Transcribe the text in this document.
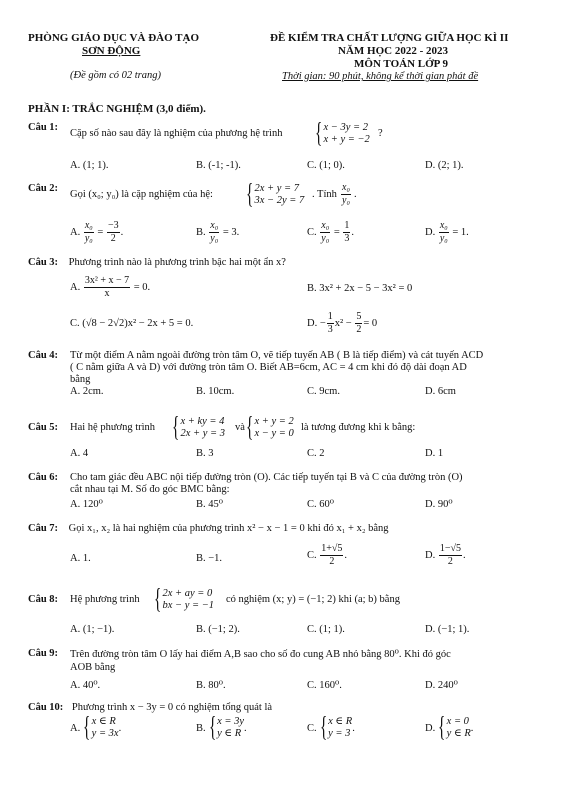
PHÒNG GIÁO DỤC VÀ ĐÀO TẠO
SƠN ĐỘNG
(Đề gồm có 02 trang)
ĐỀ KIỂM TRA CHẤT LƯỢNG GIỮA HỌC KÌ II
NĂM HỌC 2022 - 2023
MÔN TOÁN LỚP 9
Thời gian: 90 phút, không kể thời gian phát đề
PHẦN I: TRẮC NGHIỆM (3,0 điểm).
Câu 1:
Cặp số nào sau đây là nghiệm của phương hệ trình { x − 3y = 2
x + y = −2
?
A. (1; 1).	B. (-1; -1).	C. (1; 0).	D. (2; 1).
Câu 2:
Gọi (x₀; y₀) là cặp nghiệm của hệ: { 2x + y = 7
3x − 2y = 7
. Tính $\frac{\text{x₀}}{\text{y₀}}$ .
A. $\frac{\text{x₀}}{\text{y₀}} = \frac{-3}{2}$ .	B. $\frac{\text{x₀}}{\text{y₀}} = 3$.	C. $\frac{\text{x₀}}{\text{y₀}} = \frac{1}{3}$ .	D. $\frac{\text{x₀}}{\text{y₀}} = 1$.
Câu 3: Phương trình nào là phương trình bậc hai một ẩn x?
A. $\frac{\text{3x² + x − 7}}{x} = 0$.	B. 3x² + 2x − 5 − 3x² = 0
C. (√8 − 2√2)x² − 2x + 5 = 0.	D. − $\frac{1}{3} x^2 - \frac{5}{2} = 0$
Câu 4: Từ một điểm A nằm ngoài đường tròn tâm O, vẽ tiếp tuyến AB ( B là tiếp điểm) và cát tuyến ACD
( C nằm giữa A và D) với đường tròn tâm O. Biết AB=6cm, AC = 4 cm khi đó độ dài đoạn AD
bằng
A. 2cm.	B. 10cm.	C. 9cm.	D. 6cm
Câu 5: Hai hệ phương trình { x + ky = 4
2x + y = 3
và { x + y = 2
x − y = 0
là tương đương khi k bằng:
A. 4	B. 3	C. 2	D. 1
Câu 6: Cho tam giác đều ABC nội tiếp đường tròn (O). Các tiếp tuyến tại B và C của đường tròn (O)
cắt nhau tại M. Số đo góc BMC bằng:
A. 120⁰	B. 45⁰	C. 60⁰	D. 90⁰
Câu 7: Gọi x₁, x₂ là hai nghiệm của phương trình x² − x − 1 = 0 khi đó x₁ + x₂ bằng
A. 1.	B. −1.	C. $\frac{1+√5}{2}$ .	D. $\frac{1-√5}{2}$ .
Câu 8: Hệ phương trình { 2x + ay = 0
bx − y = −1
có nghiệm (x; y) = (−1; 2) khi (a; b) bằng
A. (1; −1).	B. (−1; 2).	C. (1; 1).	D. (−1; 1).
Câu 9: Trên đường tròn tâm O lấy hai điểm A,B sao cho số đo cung AB nhỏ bằng 80⁰. Khi đó góc
AOB bằng
A. 40⁰.	B. 80⁰.	C. 160⁰.	D. 240⁰
Câu 10: Phương trình x − 3y = 0 có nghiệm tổng quát là
A. { x ∈ R
y = 3x .	B. { x = 3y
y ∈ R .	C. { x ∈ R
y = 3 .	D. { x = 0
y ∈ R .
